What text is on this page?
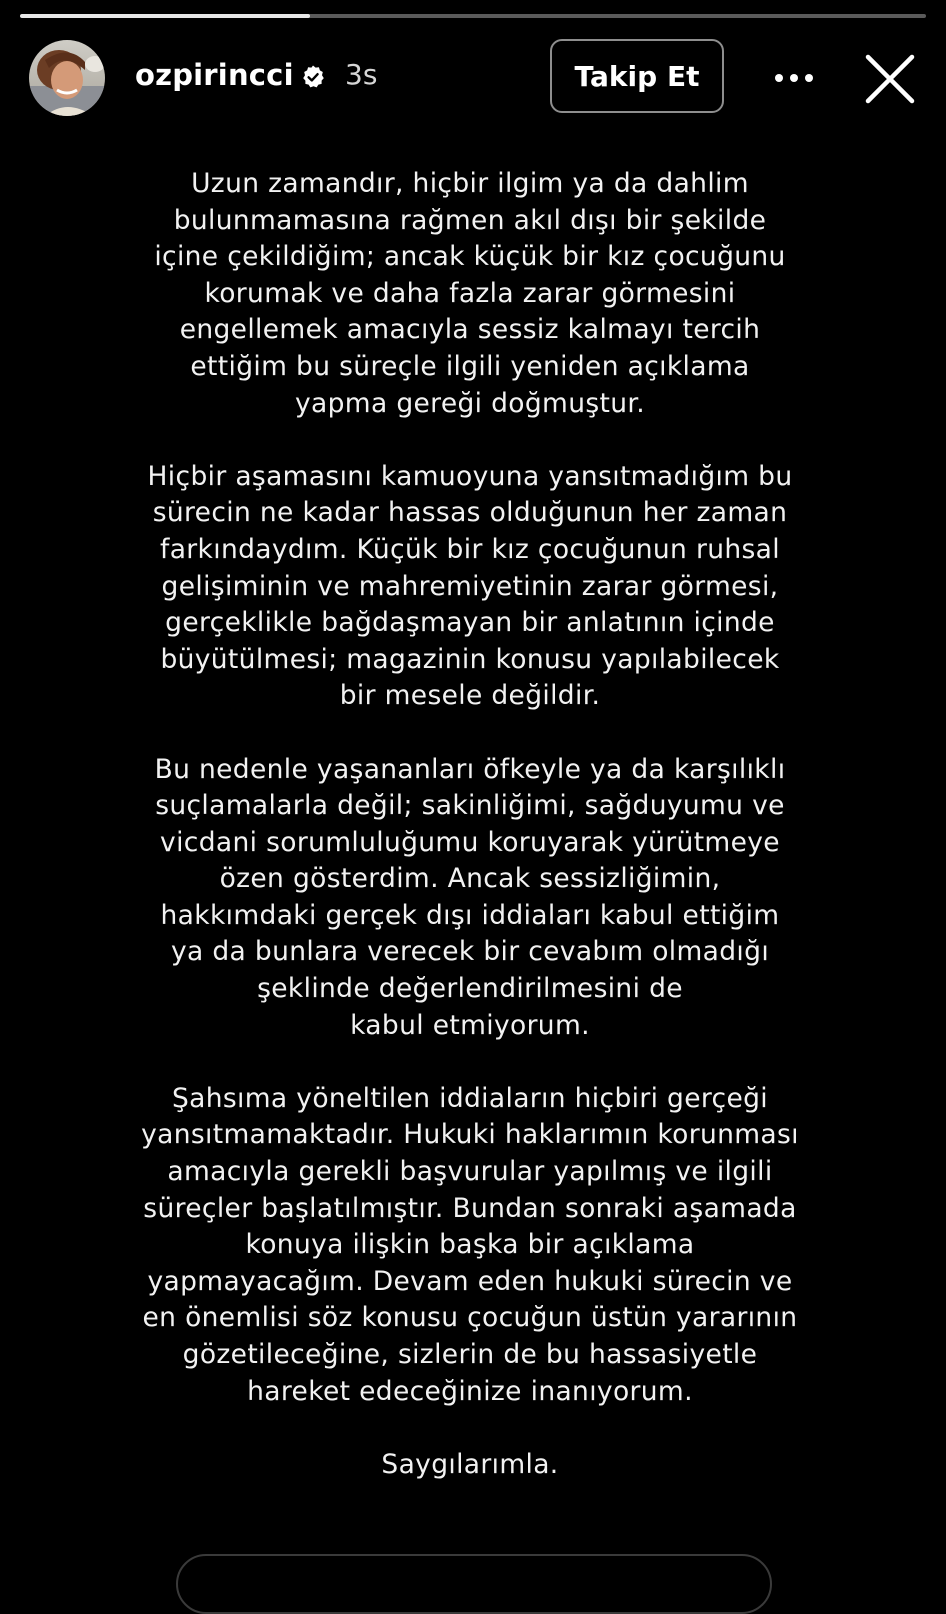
ozpirincci 3s	Takip Et

Uzun zamandır, hiçbir ilgim ya da dahlim
bulunmamasına rağmen akıl dışı bir şekilde
içine çekildiğim; ancak küçük bir kız çocuğunu
korumak ve daha fazla zarar görmesini
engellemek amacıyla sessiz kalmayı tercih
ettiğim bu süreçle ilgili yeniden açıklama
yapma gereği doğmuştur.

Hiçbir aşamasını kamuoyuna yansıtmadığım bu
sürecin ne kadar hassas olduğunun her zaman
farkındaydım. Küçük bir kız çocuğunun ruhsal
gelişiminin ve mahremiyetinin zarar görmesi,
gerçeklikle bağdaşmayan bir anlatının içinde
büyütülmesi; magazinin konusu yapılabilecek
bir mesele değildir.

Bu nedenle yaşananları öfkeyle ya da karşılıklı
suçlamalarla değil; sakinliğimi, sağduyumu ve
vicdani sorumluluğumu koruyarak yürütmeye
özen gösterdim. Ancak sessizliğimin,
hakkımdaki gerçek dışı iddiaları kabul ettiğim
ya da bunlara verecek bir cevabım olmadığı
şeklinde değerlendirilmesini de
kabul etmiyorum.

Şahsıma yöneltilen iddiaların hiçbiri gerçeği
yansıtmamaktadır. Hukuki haklarımın korunması
amacıyla gerekli başvurular yapılmış ve ilgili
süreçler başlatılmıştır. Bundan sonraki aşamada
konuya ilişkin başka bir açıklama
yapmayacağım. Devam eden hukuki sürecin ve
en önemlisi söz konusu çocuğun üstün yararının
gözetileceğine, sizlerin de bu hassasiyetle
hareket edeceğinize inanıyorum.

Saygılarımla.
